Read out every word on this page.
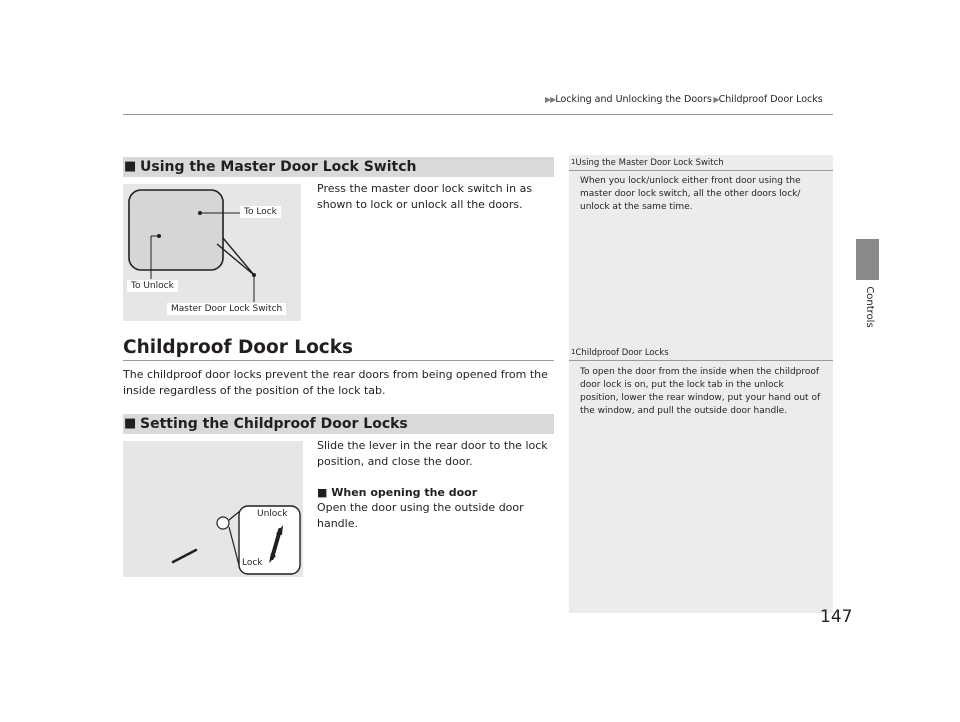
▶▶Locking and Unlocking the Doors ▶Childproof Door Locks
Controls
■ Using the Master Door Lock Switch
To Lock
To Unlock
Master Door Lock Switch
Press the master door lock switch in as shown to lock or unlock all the doors.
Childproof Door Locks
The childproof door locks prevent the rear doors from being opened from the inside regardless of the position of the lock tab.
■ Setting the Childproof Door Locks
Unlock
Lock
Slide the lever in the rear door to the lock position, and close the door.
■ When opening the door
Open the door using the outside door handle.
$^1$Using the Master Door Lock Switch
When you lock/unlock either front door using the master door lock switch, all the other doors lock/ unlock at the same time.
$^1$Childproof Door Locks
To open the door from the inside when the childproof door lock is on, put the lock tab in the unlock position, lower the rear window, put your hand out of the window, and pull the outside door handle.
147
